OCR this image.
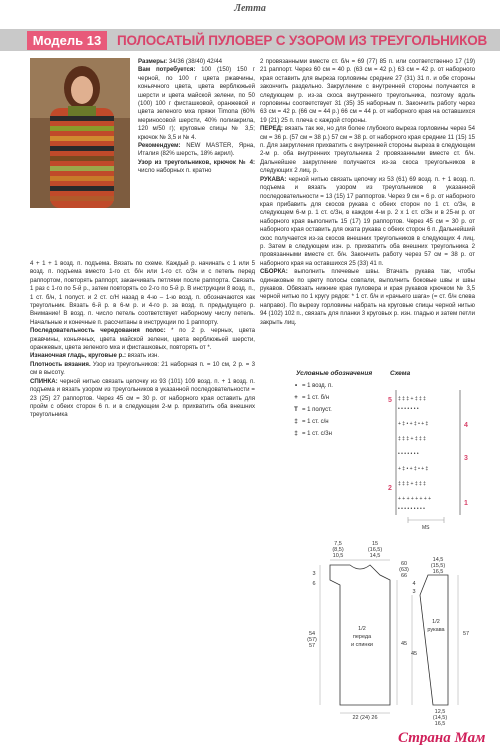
Летта
Модель 13	ПОЛОСАТЫЙ ПУЛОВЕР С УЗОРОМ ИЗ ТРЕУГОЛЬНИКОВ

Размеры: 34/36 (38/40) 42/44

Вам потребуется: 100 (150) 150 г черной, по 100 г цвета ржавчины, коньячного цвета, цвета верблюжьей шерсти и цвета майской зелени, по 50 (100) 100 г фисташковой, оранжевой и цвета зеленого мха пряжи Timona (60% мериносовой шерсти, 40% полиакрила, 120 м/50 г); круговые спицы № 3,5; крючок № 3,5 и № 4.

Рекомендуем: NEW MASTER, Ярна, Италия (82% шерсть, 18% акрил).

Узор из треугольников, крючок № 4: число наборных п. кратно

4 + 1 + 1 возд. п. подъема. Вязать по схеме. Каждый р. начинать с 1 или 5 возд. п. подъема вместо 1-го ст. б/н или 1-го ст. с/3н и с петель перед раппортом, повторять раппорт, заканчивать петлями после раппорта. Связать 1 раз с 1-го по 5-й р., затем повторять со 2-го по 5-й р. В инструкции 8 возд. п., 1 ст. б/н, 1 полуст. и 2 ст. с/Н назад в 4-ю – 1-ю возд. п. обозначаются как треугольник. Вязать 6-й р. в 6-м р. и 4-го р. за возд. п. предыдущего р. Внимание! В возд. п. число петель соответствует наборному числу петель. Начальные и конечные п. рассчитаны в инструкции по 1 раппорту.

Последовательность чередования полос: * по 2 р. черных, цвета ржавчины, коньячных, цвета майской зелени, цвета верблюжьей шерсти, оранжевых, цвета зеленого мха и фисташковых, повторять от *.

Изнаночная гладь, круговые р.: вязать изн.

Плотность вязания. Узор из треугольников: 21 наборная п. = 10 см, 2 р. = 3 см в высоту.

СПИНКА: черной нитью связать цепочку из 93 (101) 109 возд. п. + 1 возд. п. подъема и вязать узором из треугольников в указанной последовательности = 23 (25) 27 раппортов. Через 45 см = 30 р. от наборного края оставить для пройм с обеих сторон 6 п. и в следующем 2-м р. прихватить оба внешних треугольника

2 провязанными вместе ст. б/н = 69 (77) 85 п. или соответственно 17 (19) 21 раппорт. Через 60 см = 40 р. (63 см = 42 р.) 63 см = 42 р. от наборного края оставить для выреза горловины средние 27 (31) 31 п. и обе стороны закончить раздельно. Закругление с внутренней стороны получается в следующем р. из-за скоса внутреннего треугольника, поэтому вдоль горловины соответствует 31 (35) 35 наборным п. Закончить работу через 63 см = 42 р. (66 см = 44 р.) 66 см = 44 р. от наборного края на оставшихся 19 (21) 25 п. плеча с каждой стороны.

ПЕРЕД: вязать так же, но для более глубокого выреза горловины через 54 см = 36 р. (57 см = 38 р.) 57 см = 38 р. от наборного края средние 11 (15) 15 п. Для закругления прихватить с внутренней стороны выреза в следующем 2-м р. оба внутренних треугольника 2 провязанными вместе ст. б/н. Дальнейшее закругление получается из-за скоса треугольников в следующих 2 лиц. р.

РУКАВА: черной нитью связать цепочку из 53 (61) 69 возд. п. + 1 возд. п. подъема и вязать узором из треугольников в указанной последовательности = 13 (15) 17 раппортов. Через 9 см = 6 р. от наборного края прибавить для скосов рукава с обеих сторон по 1 ст. с/Зн, в следующем 6-м р. 1 ст. с/Зн, в каждом 4-м р. 2 х 1 ст. с/Зн и в 25-м р. от наборного края выполнить 15 (17) 19 раппортов. Через 45 см = 30 р. от наборного края оставить для оката рукава с обеих сторон 6 п. Дальнейший скос получается из-за скосов внешних треугольников в следующих 4 лиц. р. Затем в следующем изн. р. прихватить оба внешних треугольника 2 провязанными вместе ст. б/н. Закончить работу через 57 см = 38 р. от наборного края на оставшихся 25 (33) 41 п.

СБОРКА: выполнить плечевые швы. Втачать рукава так, чтобы одинаковые по цвету полосы совпали, выполнить боковые швы и швы рукавов. Обвязать нижние края пуловера и края рукавов крючком № 3,5 черной нитью по 1 кругу рядов: * 1 ст. б/н и «рачьего шага» (= ст. б/н слева направо). По вырезу горловины набрать на круговые спицы черной нитью 94 (102) 102 п., связать для планки 3 круговых р. изн. гладью и затем петли закрыть лиц.

Условные обозначения
• = 1 возд. п.
+ = 1 ст. б/н
T = 1 полуст.
‡ = 1 ст. с/н
‡ = 1 ст. с/3н
Схема
‡ ‡ ‡ + ‡ ‡ ‡
• • • • • • •
+ ‡ • + ‡ • + ‡
‡ ‡ ‡ + ‡ ‡ ‡
• • • • • • •
+ ‡ • + ‡ • + ‡
‡ ‡ ‡ + ‡ ‡ ‡
+ + + + + + + +
• • • • • • • • •
5
4
3
2
1
МS
1/2
переда
и спинки
7,5
(8,5)
10,5
15
(16,5)
14,5
3
6
54
(57)
57	45
60
(63)
66
22 (24) 26
1/2
рукава
14,5
(15,5)
16,5
57
45
12,5
(14,5)
16,5
4
3
Страна Мам
